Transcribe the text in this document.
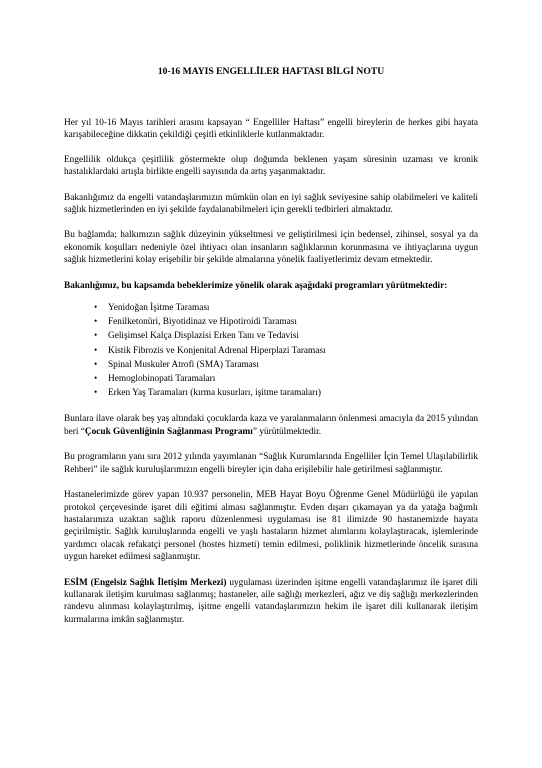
10-16 MAYIS ENGELLİLER HAFTASI BİLGİ NOTU

Her yıl 10-16 Mayıs tarihleri arasını kapsayan “ Engelliler Haftası” engelli bireylerin de herkes gibi hayata karışabileceğine dikkatin çekildiği çeşitli etkinliklerle kutlanmaktadır.

Engellilik oldukça çeşitlilik göstermekte olup doğumda beklenen yaşam süresinin uzaması ve kronik hastalıklardaki artışla birlikte engelli sayısında da artış yaşanmaktadır.

Bakanlığımız da engelli vatandaşlarımızın mümkün olan en iyi sağlık seviyesine sahip olabilmeleri ve kaliteli sağlık hizmetlerinden en iyi şekilde faydalanabilmeleri için gerekli tedbirleri almaktadır.

Bu bağlamda; halkımızın sağlık düzeyinin yükseltmesi ve geliştirilmesi için bedensel, zihinsel, sosyal ya da ekonomik koşulları nedeniyle özel ihtiyacı olan insanların sağlıklarının korunmasına ve ihtiyaçlarına uygun sağlık hizmetlerini kolay erişebilir bir şekilde almalarına yönelik faaliyetlerimiz devam etmektedir.

Bakanlığımız, bu kapsamda bebeklerimize yönelik olarak aşağıdaki programları yürütmektedir:

• Yenidoğan İşitme Taraması
• Fenilketonüri, Biyotidinaz ve Hipotiroidi Taraması
• Gelişimsel Kalça Displazisi Erken Tanı ve Tedavisi
• Kistik Fibrozis ve Konjenital Adrenal Hiperplazi Taraması
• Spinal Muskuler Atrofi (SMA) Taraması
• Hemoglobinopati Taramaları
• Erken Yaş Taramaları (kırma kusurları, işitme taramaları)

Bunlara ilave olarak beş yaş altındaki çocuklarda kaza ve yaralanmaların önlenmesi amacıyla da 2015 yılından beri “Çocuk Güvenliğinin Sağlanması Programı” yürütülmektedir.

Bu programların yanı sıra 2012 yılında yayımlanan “Sağlık Kurumlarında Engelliler İçin Temel Ulaşılabilirlik Rehberi” ile sağlık kuruluşlarımızın engelli bireyler için daha erişilebilir hale getirilmesi sağlanmıştır.

Hastanelerimizde görev yapan 10.937 personelin, MEB Hayat Boyu Öğrenme Genel Müdürlüğü ile yapılan protokol çerçevesinde işaret dili eğitimi alması sağlanmıştır. Evden dışarı çıkamayan ya da yatağa bağımlı hastalarımıza uzaktan sağlık raporu düzenlenmesi uygulaması ise 81 ilimizde 90 hastanemizde hayata geçirilmiştir. Sağlık kuruluşlarında engelli ve yaşlı hastaların hizmet alımlarını kolaylaştıracak, işlemlerinde yardımcı olacak refakatçi personel (hostes hizmeti) temin edilmesi, poliklinik hizmetlerinde öncelik sırasına uygun hareket edilmesi sağlanmıştır.

ESİM (Engelsiz Sağlık İletişim Merkezi) uygulaması üzerinden işitme engelli vatandaşlarımız ile işaret dili kullanarak iletişim kurulması sağlanmış; hastaneler, aile sağlığı merkezleri, ağız ve diş sağlığı merkezlerinden randevu alınması kolaylaştırılmış, işitme engelli vatandaşlarımızın hekim ile işaret dili kullanarak iletişim kurmalarına imkân sağlanmıştır.
